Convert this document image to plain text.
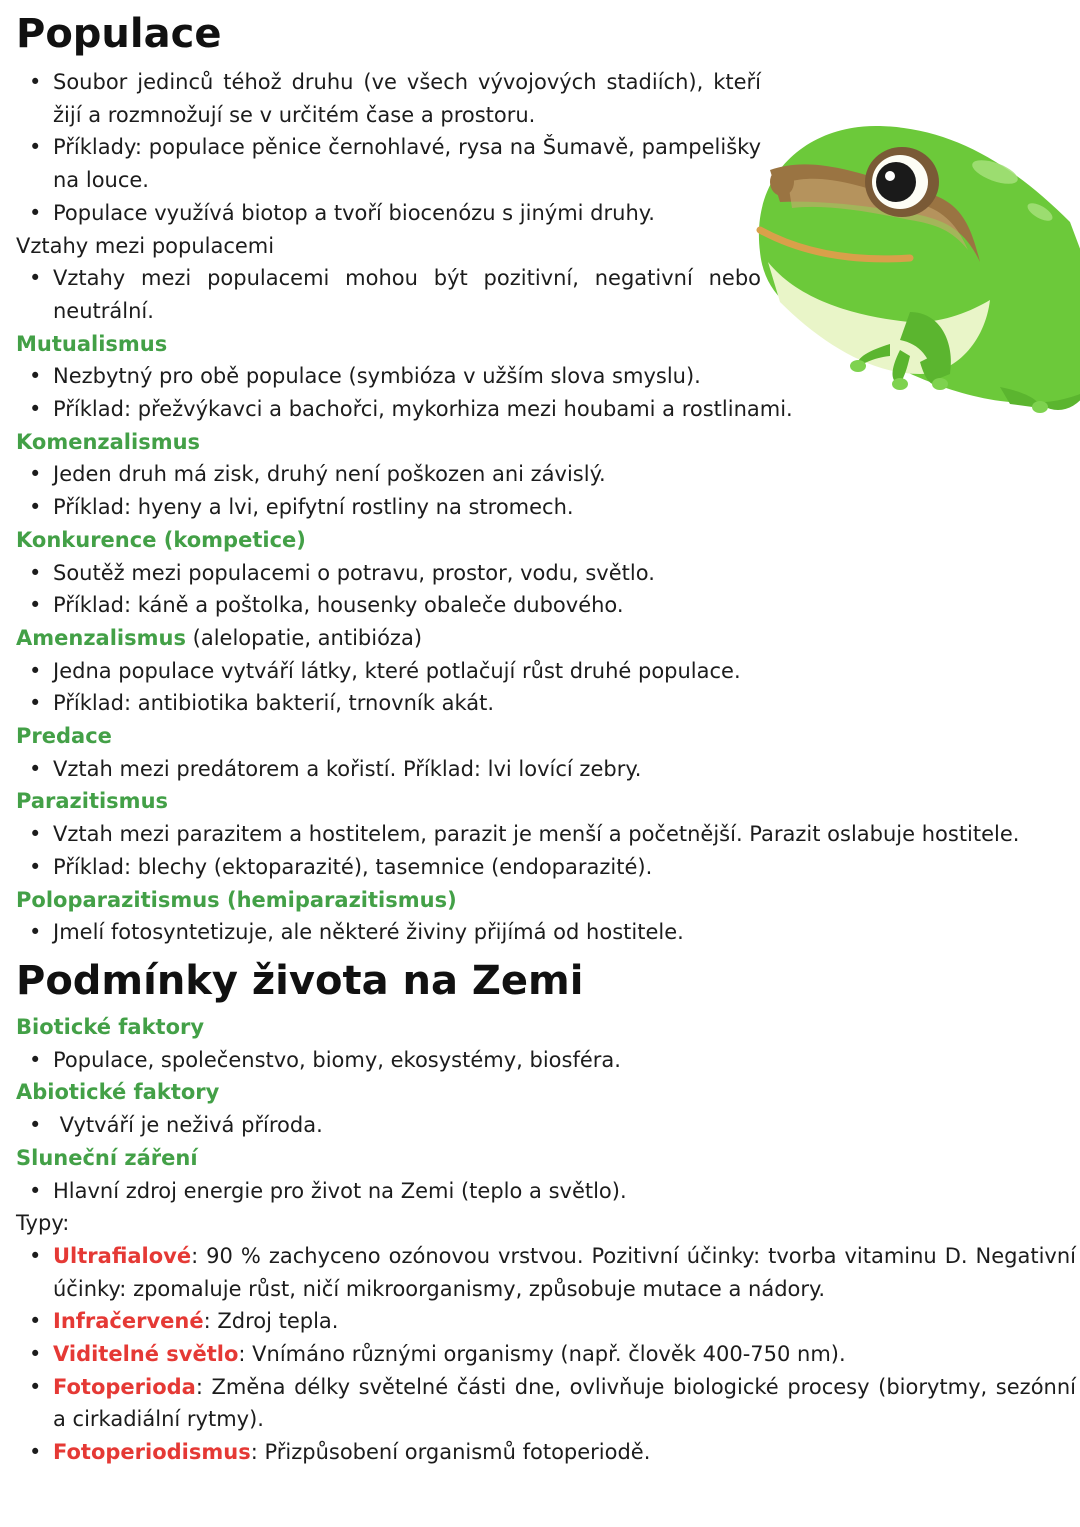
Populace
• Soubor jedinců téhož druhu (ve všech vývojových stadiích), kteří žijí a rozmnožují se v určitém čase a prostoru.
• Příklady: populace pěnice černohlavé, rysa na Šumavě, pampelišky na louce.
• Populace využívá biotop a tvoří biocenózu s jinými druhy.

Vztahy mezi populacemi

• Vztahy mezi populacemi mohou být pozitivní, negativní nebo neutrální.

Mutualismus

• Nezbytný pro obě populace (symbióza v užším slova smyslu).
• Příklad: přežvýkavci a bachořci, mykorhiza mezi houbami a rostlinami.

Komenzalismus

• Jeden druh má zisk, druhý není poškozen ani závislý.
• Příklad: hyeny a lvi, epifytní rostliny na stromech.

Konkurence (kompetice)

• Soutěž mezi populacemi o potravu, prostor, vodu, světlo.
• Příklad: káně a poštolka, housenky obaleče dubového.

Amenzalismus (alelopatie, antibióza)

• Jedna populace vytváří látky, které potlačují růst druhé populace.
• Příklad: antibiotika bakterií, trnovník akát.

Predace

• Vztah mezi predátorem a kořistí. Příklad: lvi lovící zebry.

Parazitismus

• Vztah mezi parazitem a hostitelem, parazit je menší a početnější. Parazit oslabuje hostitele.
• Příklad: blechy (ektoparazité), tasemnice (endoparazité).

Poloparazitismus (hemiparazitismus)

• Jmelí fotosyntetizuje, ale některé živiny přijímá od hostitele.
Podmínky života na Zemi

Biotické faktory

• Populace, společenstvo, biomy, ekosystémy, biosféra.

Abiotické faktory

•  Vytváří je neživá příroda.

Sluneční záření

• Hlavní zdroj energie pro život na Zemi (teplo a světlo).

Typy:

• Ultrafialové: 90 % zachyceno ozónovou vrstvou. Pozitivní účinky: tvorba vitaminu D. Negativní účinky: zpomaluje růst, ničí mikroorganismy, způsobuje mutace a nádory.
• Infračervené: Zdroj tepla.
• Viditelné světlo: Vnímáno různými organismy (např. člověk 400-750 nm).
• Fotoperioda: Změna délky světelné části dne, ovlivňuje biologické procesy (biorytmy, sezónní a cirkadiální rytmy).
• Fotoperiodismus: Přizpůsobení organismů fotoperiodě.
